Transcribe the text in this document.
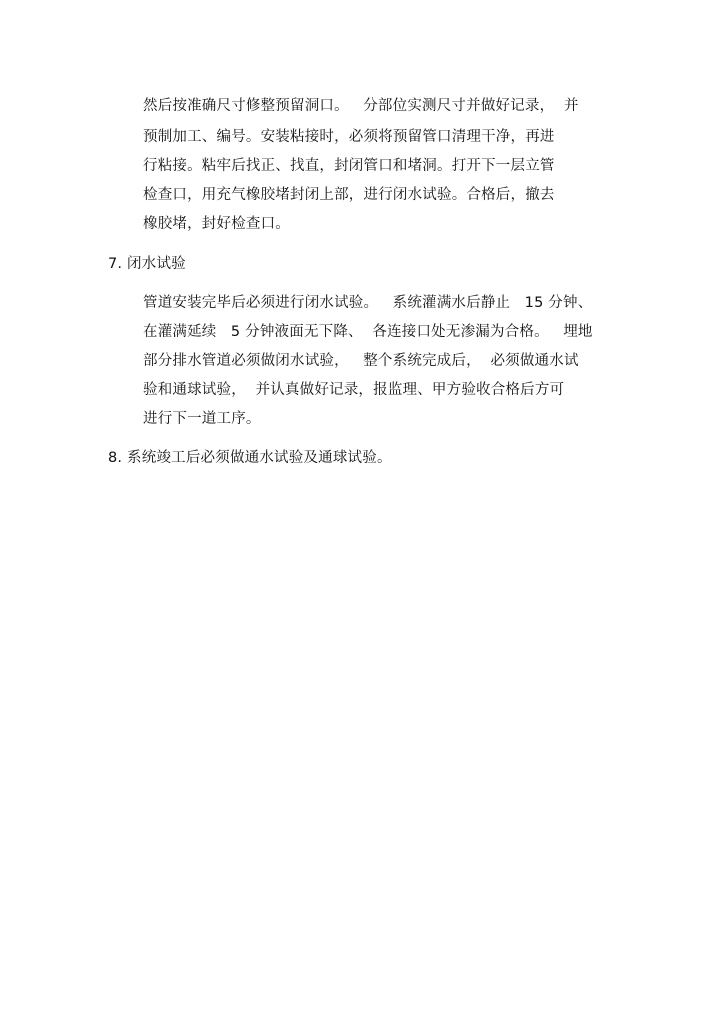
然后按准确尺寸修整预留洞口。   分部位实测尺寸并做好记录，  并
预制加工、编号。安装粘接时，必须将预留管口清理干净，再进
行粘接。粘牢后找正、找直，封闭管口和堵洞。打开下一层立管
检查口，用充气橡胶堵封闭上部，进行闭水试验。合格后，撤去
橡胶堵，封好检查口。
7. 闭水试验
管道安装完毕后必须进行闭水试验。   系统灌满水后静止   15 分钟、
在灌满延续   5 分钟液面无下降、  各连接口处无渗漏为合格。   埋地
部分排水管道必须做闭水试验，   整个系统完成后，  必须做通水试
验和通球试验，  并认真做好记录，报监理、甲方验收合格后方可
进行下一道工序。
8. 系统竣工后必须做通水试验及通球试验。
